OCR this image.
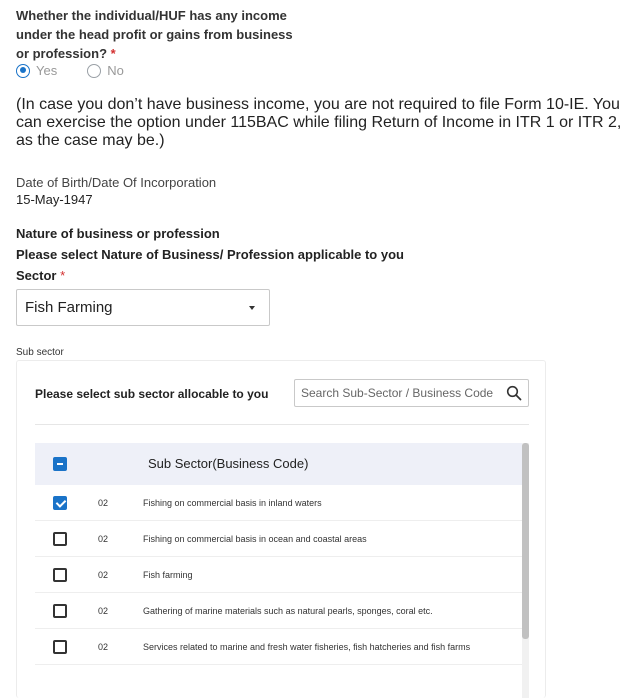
Whether the individual/HUF has any income under the head profit or gains from business or profession? *
Yes	No
(In case you don’t have business income, you are not required to file Form 10-IE. You can exercise the option under 115BAC while filing Return of Income in ITR 1 or ITR 2, as the case may be.)
Date of Birth/Date Of Incorporation
15-May-1947
Nature of business or profession
Please select Nature of Business/ Profession applicable to you
Sector *
Fish Farming
Sub sector
Please select sub sector allocable to you
Search Sub-Sector / Business Code
Sub Sector(Business Code)
02	Fishing on commercial basis in inland waters
02	Fishing on commercial basis in ocean and coastal areas
02	Fish farming
02	Gathering of marine materials such as natural pearls, sponges, coral etc.
02	Services related to marine and fresh water fisheries, fish hatcheries and fish farms
